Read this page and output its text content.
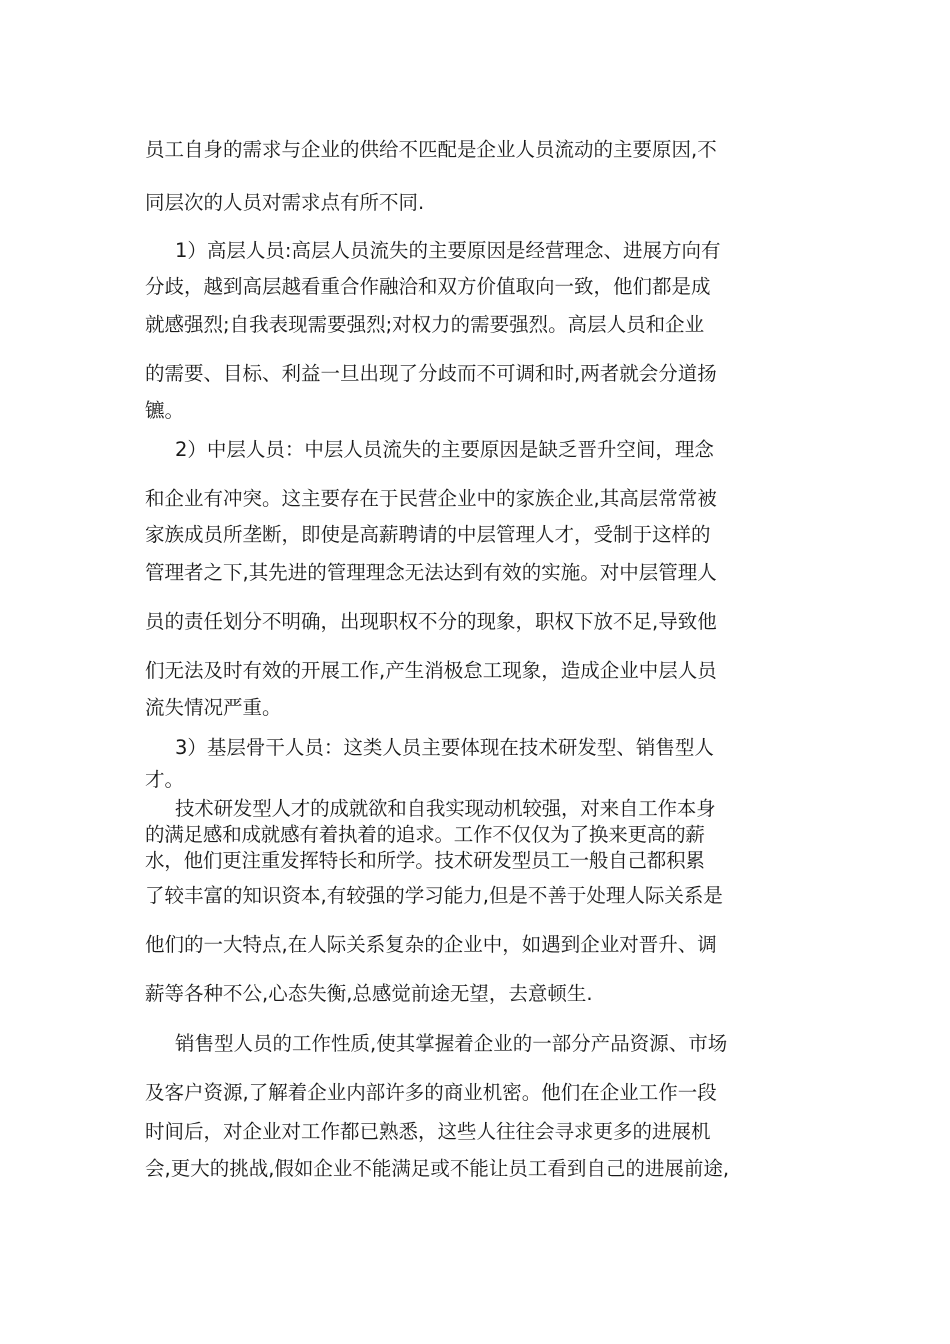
员工自身的需求与企业的供给不匹配是企业人员流动的主要原因,不
同层次的人员对需求点有所不同.
1）高层人员:高层人员流失的主要原因是经营理念、进展方向有
分歧，越到高层越看重合作融洽和双方价值取向一致，他们都是成
就感强烈;自我表现需要强烈;对权力的需要强烈。高层人员和企业
的需要、目标、利益一旦出现了分歧而不可调和时,两者就会分道扬
镳。
2）中层人员：中层人员流失的主要原因是缺乏晋升空间，理念
和企业有冲突。这主要存在于民营企业中的家族企业,其高层常常被
家族成员所垄断，即使是高薪聘请的中层管理人才，受制于这样的
管理者之下,其先进的管理理念无法达到有效的实施。对中层管理人
员的责任划分不明确，出现职权不分的现象，职权下放不足,导致他
们无法及时有效的开展工作,产生消极怠工现象，造成企业中层人员
流失情况严重。
3）基层骨干人员：这类人员主要体现在技术研发型、销售型人
才。
技术研发型人才的成就欲和自我实现动机较强，对来自工作本身
的满足感和成就感有着执着的追求。工作不仅仅为了换来更高的薪
水，他们更注重发挥特长和所学。技术研发型员工一般自己都积累
了较丰富的知识资本,有较强的学习能力,但是不善于处理人际关系是
他们的一大特点,在人际关系复杂的企业中，如遇到企业对晋升、调
薪等各种不公,心态失衡,总感觉前途无望，去意顿生.
销售型人员的工作性质,使其掌握着企业的一部分产品资源、市场
及客户资源,了解着企业内部许多的商业机密。他们在企业工作一段
时间后，对企业对工作都已熟悉，这些人往往会寻求更多的进展机
会,更大的挑战,假如企业不能满足或不能让员工看到自己的进展前途,
